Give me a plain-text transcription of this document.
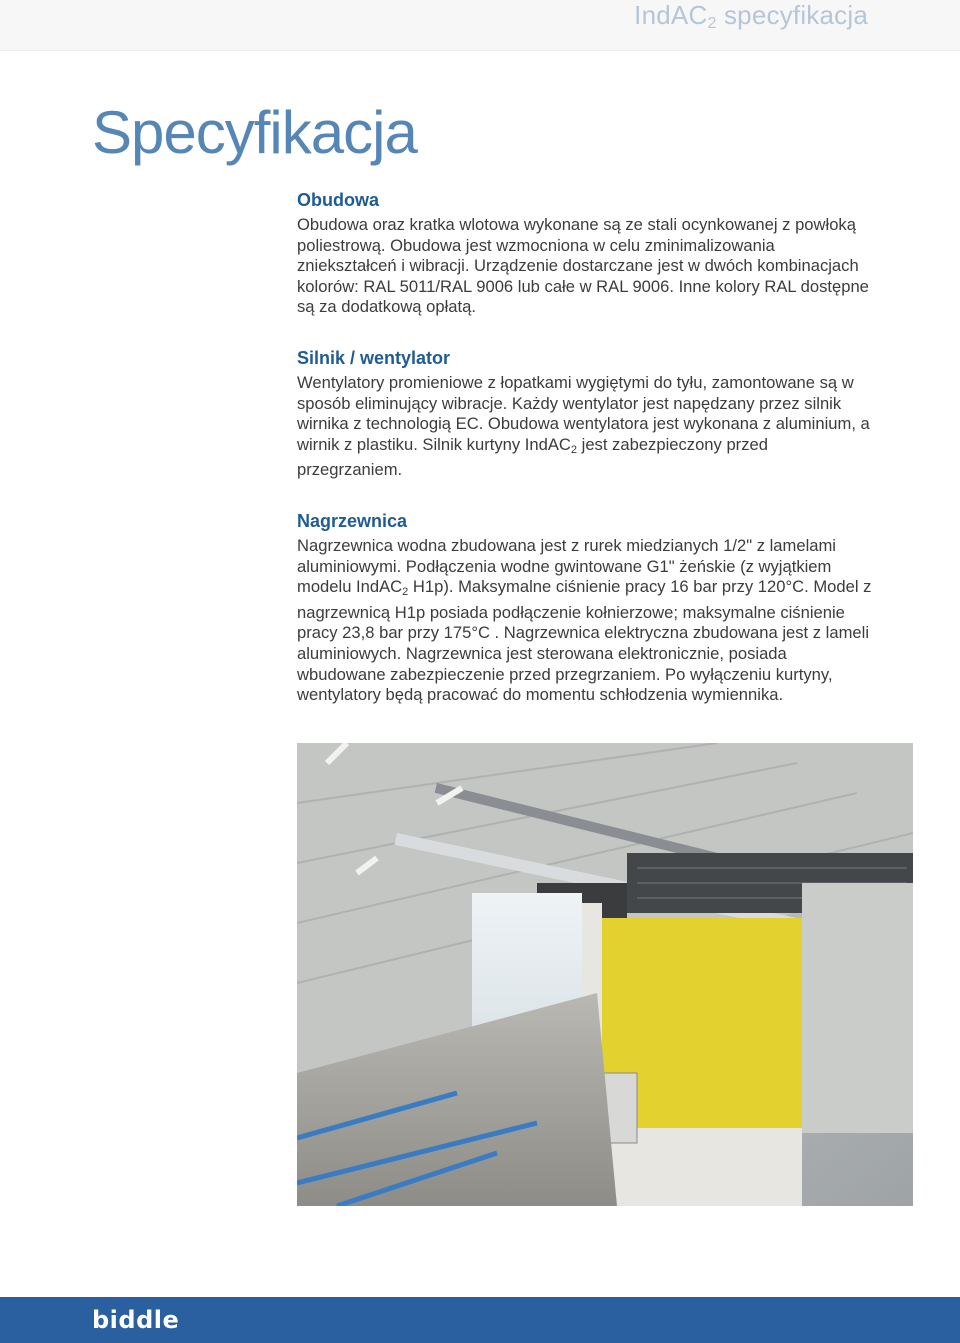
IndAC$_2$ specyfikacja
Specyfikacja
Obudowa

Obudowa oraz kratka wlotowa wykonane są ze stali ocynkowanej z powłoką poliestrową. Obudowa jest wzmocniona w celu zminimalizowania zniekształceń i wibracji. Urządzenie dostarczane jest w dwóch kombinacjach kolorów: RAL 5011/RAL 9006 lub całe w RAL 9006. Inne kolory RAL dostępne są za dodatkową opłatą.

Silnik / wentylator

Wentylatory promieniowe z łopatkami wygiętymi do tyłu, zamontowane są w sposób eliminujący wibracje. Każdy wentylator jest napędzany przez silnik wirnika z technologią EC. Obudowa wentylatora jest wykonana z aluminium, a wirnik z plastiku. Silnik kurtyny IndAC$_2$ jest zabezpieczony przed przegrzaniem.

Nagrzewnica

Nagrzewnica wodna zbudowana jest z rurek miedzianych 1/2" z lamelami aluminiowymi. Podłączenia wodne gwintowane G1" żeńskie (z wyjątkiem modelu IndAC$_2$ H1p). Maksymalne ciśnienie pracy 16 bar przy 120°C. Model z nagrzewnicą H1p posiada podłączenie kołnierzowe; maksymalne ciśnienie pracy 23,8 bar przy 175°C . Nagrzewnica elektryczna zbudowana jest z lameli aluminiowych. Nagrzewnica jest sterowana elektronicznie, posiada wbudowane zabezpieczenie przed przegrzaniem. Po wyłączeniu kurtyny, wentylatory będą pracować do momentu schłodzenia wymiennika.

biddle
